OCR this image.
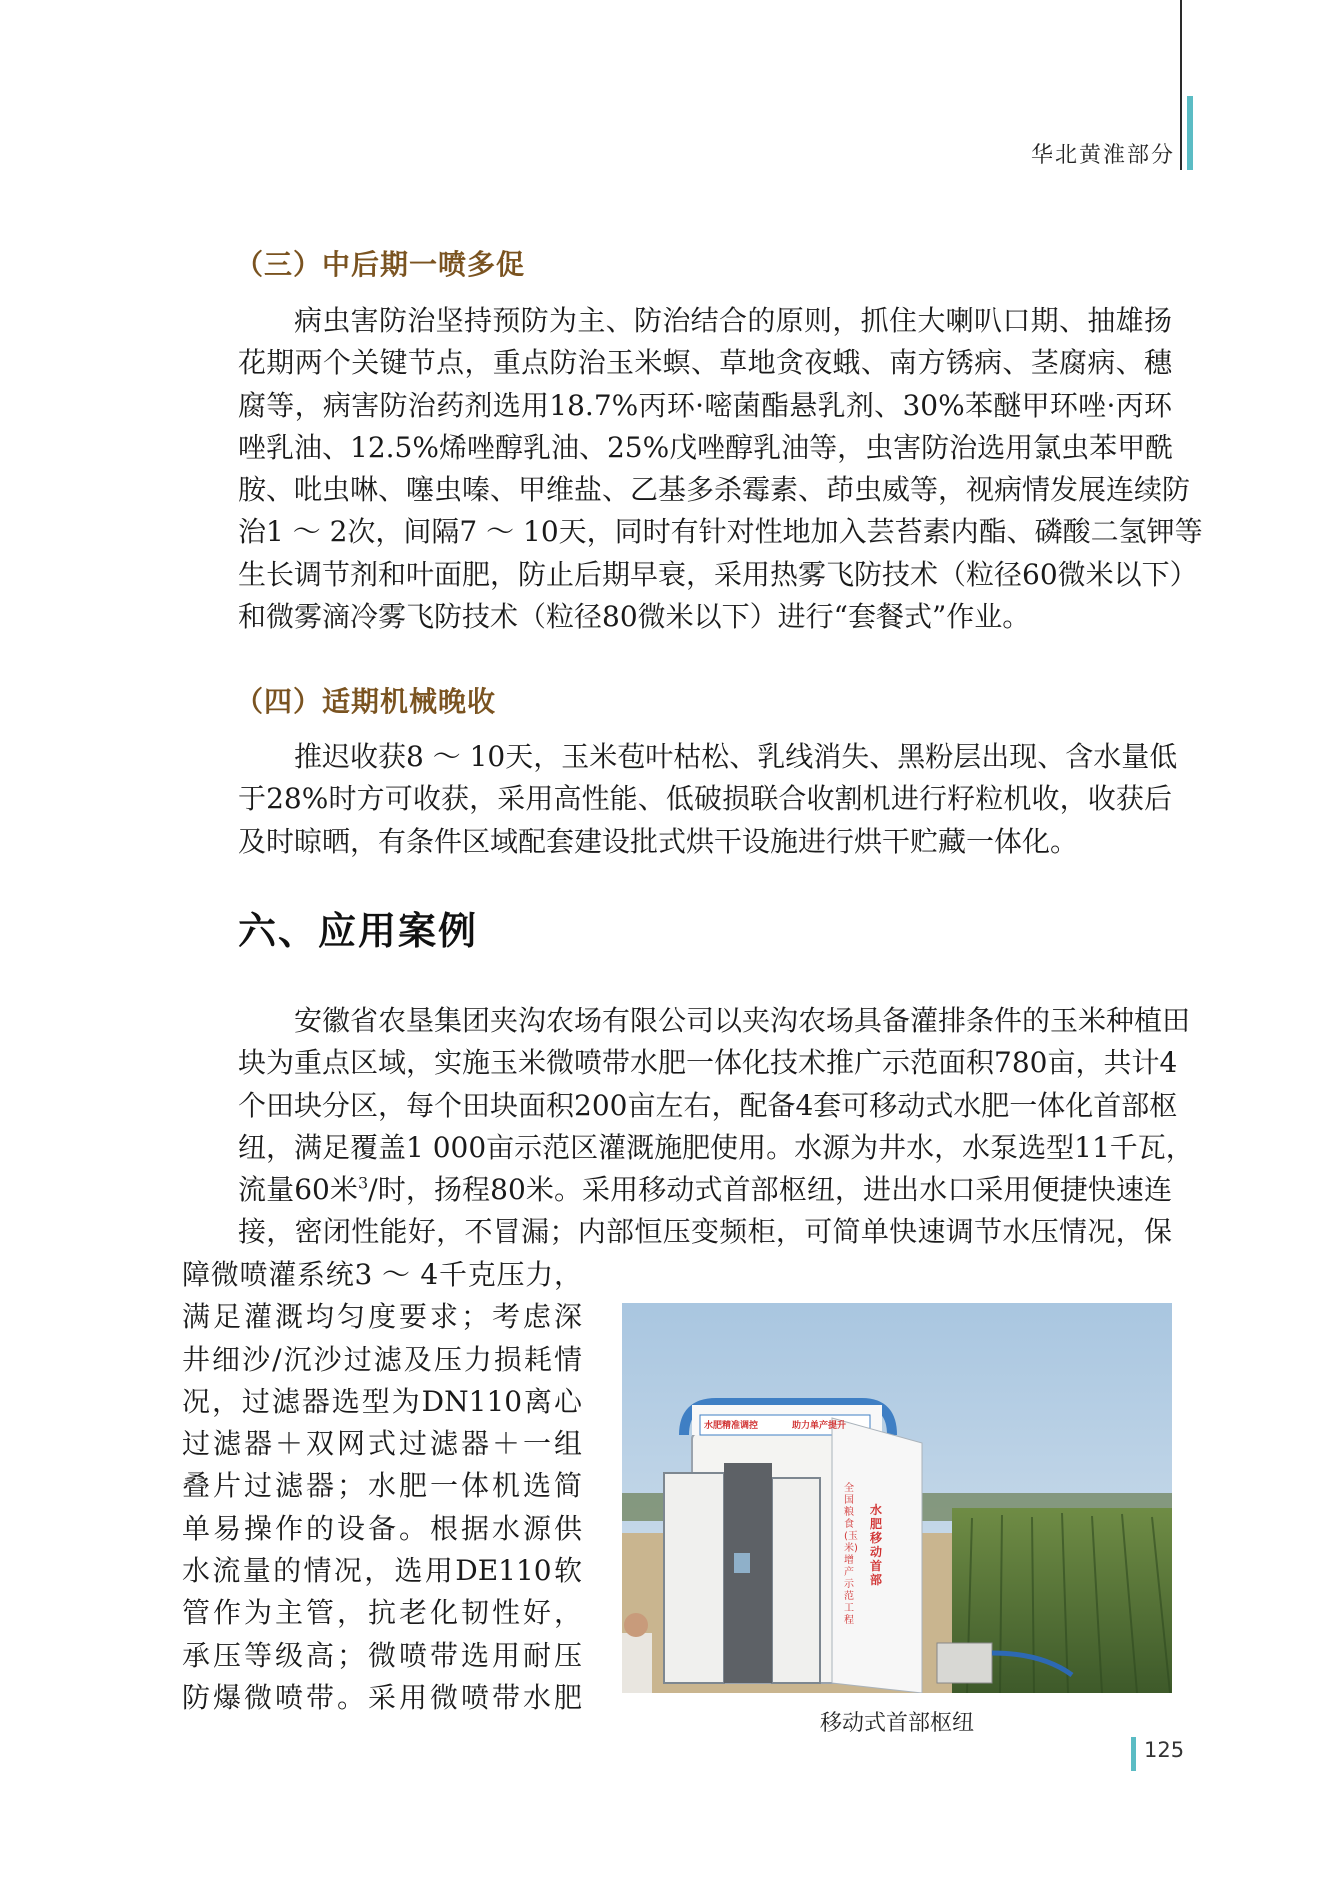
华北黄淮部分
（三）中后期一喷多促
病虫害防治坚持预防为主、防治结合的原则，抓住大喇叭口期、抽雄扬
花期两个关键节点，重点防治玉米螟、草地贪夜蛾、南方锈病、茎腐病、穗
腐等，病害防治药剂选用18.7%丙环·嘧菌酯悬乳剂、30%苯醚甲环唑·丙环
唑乳油、12.5%烯唑醇乳油、25%戊唑醇乳油等，虫害防治选用氯虫苯甲酰
胺、吡虫啉、噻虫嗪、甲维盐、乙基多杀霉素、茚虫威等，视病情发展连续防
治1 ～ 2次，间隔7 ～ 10天，同时有针对性地加入芸苔素内酯、磷酸二氢钾等
生长调节剂和叶面肥，防止后期早衰，采用热雾飞防技术（粒径60微米以下）
和微雾滴冷雾飞防技术（粒径80微米以下）进行“套餐式”作业。
（四）适期机械晚收
推迟收获8 ～ 10天，玉米苞叶枯松、乳线消失、黑粉层出现、含水量低
于28%时方可收获，采用高性能、低破损联合收割机进行籽粒机收，收获后
及时晾晒，有条件区域配套建设批式烘干设施进行烘干贮藏一体化。
六、应用案例
安徽省农垦集团夹沟农场有限公司以夹沟农场具备灌排条件的玉米种植田
块为重点区域，实施玉米微喷带水肥一体化技术推广示范面积780亩，共计4
个田块分区，每个田块面积200亩左右，配备4套可移动式水肥一体化首部枢
纽，满足覆盖1 000亩示范区灌溉施肥使用。水源为井水，水泵选型11千瓦，
流量60米$^3$/时，扬程80米。采用移动式首部枢纽，进出水口采用便捷快速连
接，密闭性能好，不冒漏；内部恒压变频柜，可简单快速调节水压情况，保
障微喷灌系统3 ～ 4千克压力，
满足灌溉均匀度要求；考虑深
井细沙/沉沙过滤及压力损耗情
况，过滤器选型为DN110离心
过滤器＋双网式过滤器＋一组
叠片过滤器；水肥一体机选简
单易操作的设备。根据水源供
水流量的情况，选用DE110软
管作为主管，抗老化韧性好，
承压等级高；微喷带选用耐压
防爆微喷带。采用微喷带水肥
水肥精准调控	助力单产提升
全国粮食(玉米)增产示范工程
水肥移动首部
移动式首部枢纽
125
